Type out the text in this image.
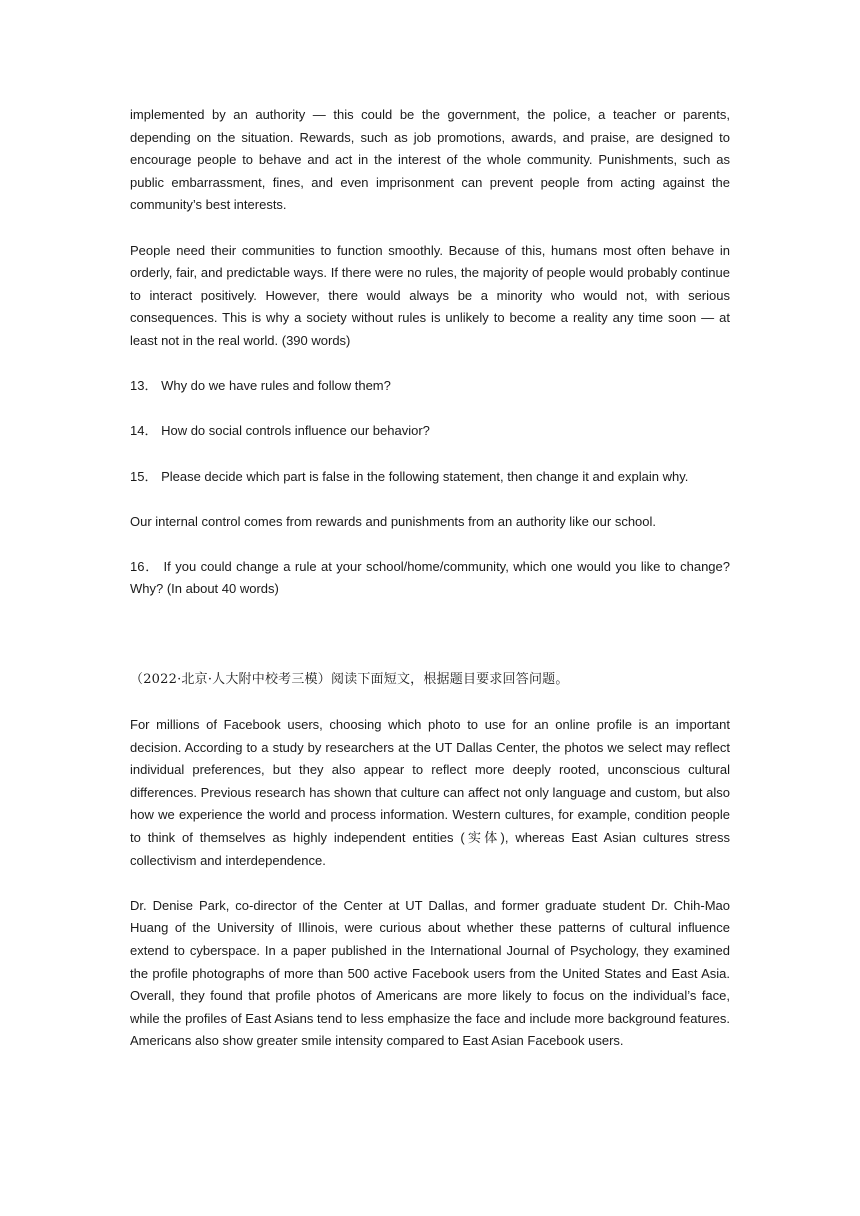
implemented by an authority — this could be the government, the police, a teacher or parents, depending on the situation. Rewards, such as job promotions, awards, and praise, are designed to encourage people to behave and act in the interest of the whole community. Punishments, such as public embarrassment, fines, and even imprisonment can prevent people from acting against the community’s best interests.

People need their communities to function smoothly. Because of this, humans most often behave in orderly, fair, and predictable ways. If there were no rules, the majority of people would probably continue to interact positively. However, there would always be a minority who would not, with serious consequences. This is why a society without rules is unlikely to become a reality any time soon — at least not in the real world. (390 words)

13． Why do we have rules and follow them?

14． How do social controls influence our behavior?

15． Please decide which part is false in the following statement, then change it and explain why.

Our internal control comes from rewards and punishments from an authority like our school.

16． If you could change a rule at your school/home/community, which one would you like to change? Why? (In about 40 words)

（2022·北京·人大附中校考三模）阅读下面短文，根据题目要求回答问题。

For millions of Facebook users, choosing which photo to use for an online profile is an important decision. According to a study by researchers at the UT Dallas Center, the photos we select may reflect individual preferences, but they also appear to reflect more deeply rooted, unconscious cultural differences. Previous research has shown that culture can affect not only language and custom, but also how we experience the world and process information. Western cultures, for example, condition people to think of themselves as highly independent entities (实体), whereas East Asian cultures stress collectivism and interdependence.

Dr. Denise Park, co-director of the Center at UT Dallas, and former graduate student Dr. Chih-Mao Huang of the University of Illinois, were curious about whether these patterns of cultural influence extend to cyberspace. In a paper published in the International Journal of Psychology, they examined the profile photographs of more than 500 active Facebook users from the United States and East Asia. Overall, they found that profile photos of Americans are more likely to focus on the individual’s face, while the profiles of East Asians tend to less emphasize the face and include more background features. Americans also show greater smile intensity compared to East Asian Facebook users.
